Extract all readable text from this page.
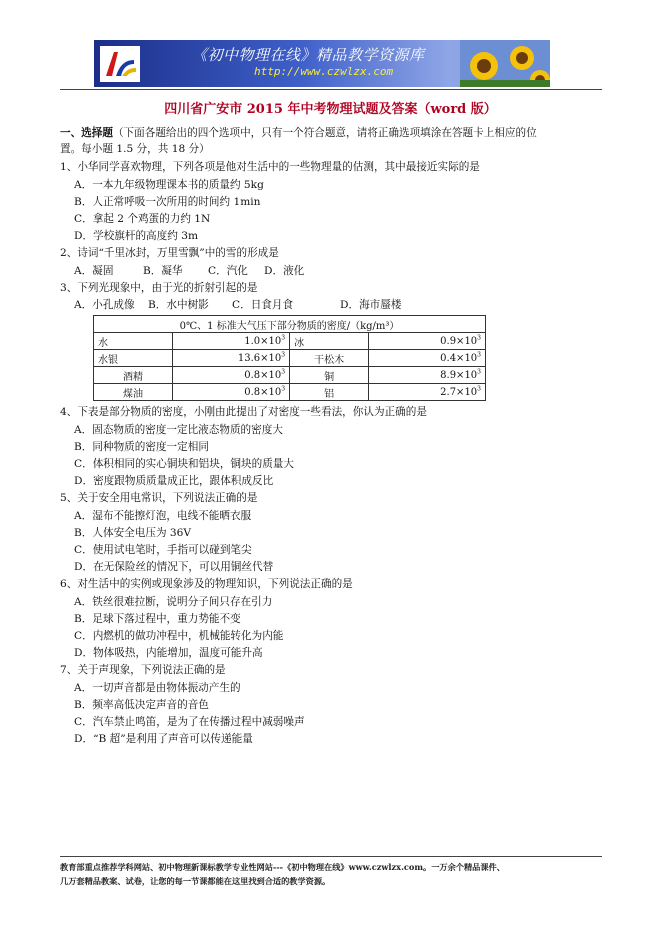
《初中物理在线》精品教学资源库
http://www.czwlzx.com
四川省广安市 2015 年中考物理试题及答案（word 版）
一、选择题（下面各题给出的四个选项中，只有一个符合题意，请将正确选项填涂在答题卡上相应的位
置。每小题 1.5 分，共 18 分）
1、小华同学喜欢物理，下列各项是他对生活中的一些物理量的估测，其中最接近实际的是
A．一本九年级物理课本书的质量约 5kg
B．人正常呼吸一次所用的时间约 1min
C．拿起 2 个鸡蛋的力约 1N
D．学校旗杆的高度约 3m
2、诗词“千里冰封，万里雪飘”中的雪的形成是
A．凝固	B．凝华 C．汽化 D．液化
3、下列光现象中，由于光的折射引起的是
A．小孔成像 B．水中树影 C．日食月食	D．海市蜃楼
0℃、1 标准大气压下部分物质的密度/（kg/m³）			
水	$1.0\times 10^3$	冰	$0.9\times 10^3$
水银	$13.6\times 10^3$	干松木	$0.4\times 10^3$
酒精	$0.8\times 10^3$	铜	$8.9\times 10^3$
煤油	$0.8\times 10^3$	铝	$2.7\times 10^3$
4、下表是部分物质的密度，小刚由此提出了对密度一些看法，你认为正确的是
A．固态物质的密度一定比液态物质的密度大
B．同种物质的密度一定相同
C．体积相同的实心铜块和铝块，铜块的质量大
D．密度跟物质质量成正比，跟体积成反比
5、关于安全用电常识，下列说法正确的是
A．湿布不能擦灯泡，电线不能晒衣服
B．人体安全电压为 36V
C．使用试电笔时，手指可以碰到笔尖
D．在无保险丝的情况下，可以用铜丝代替
6、对生活中的实例或现象涉及的物理知识，下列说法正确的是
A．铁丝很难拉断，说明分子间只存在引力
B．足球下落过程中，重力势能不变
C．内燃机的做功冲程中，机械能转化为内能
D．物体吸热，内能增加，温度可能升高
7、关于声现象，下列说法正确的是
A．一切声音都是由物体振动产生的
B．频率高低决定声音的音色
C．汽车禁止鸣笛，是为了在传播过程中减弱噪声
D．“B 超”是利用了声音可以传递能量
教育部重点推荐学科网站、初中物理新课标教学专业性网站---《初中物理在线》www.czwlzx.com。一万余个精品课件、
几万套精品教案、试卷，让您的每一节课都能在这里找到合适的教学资源。
